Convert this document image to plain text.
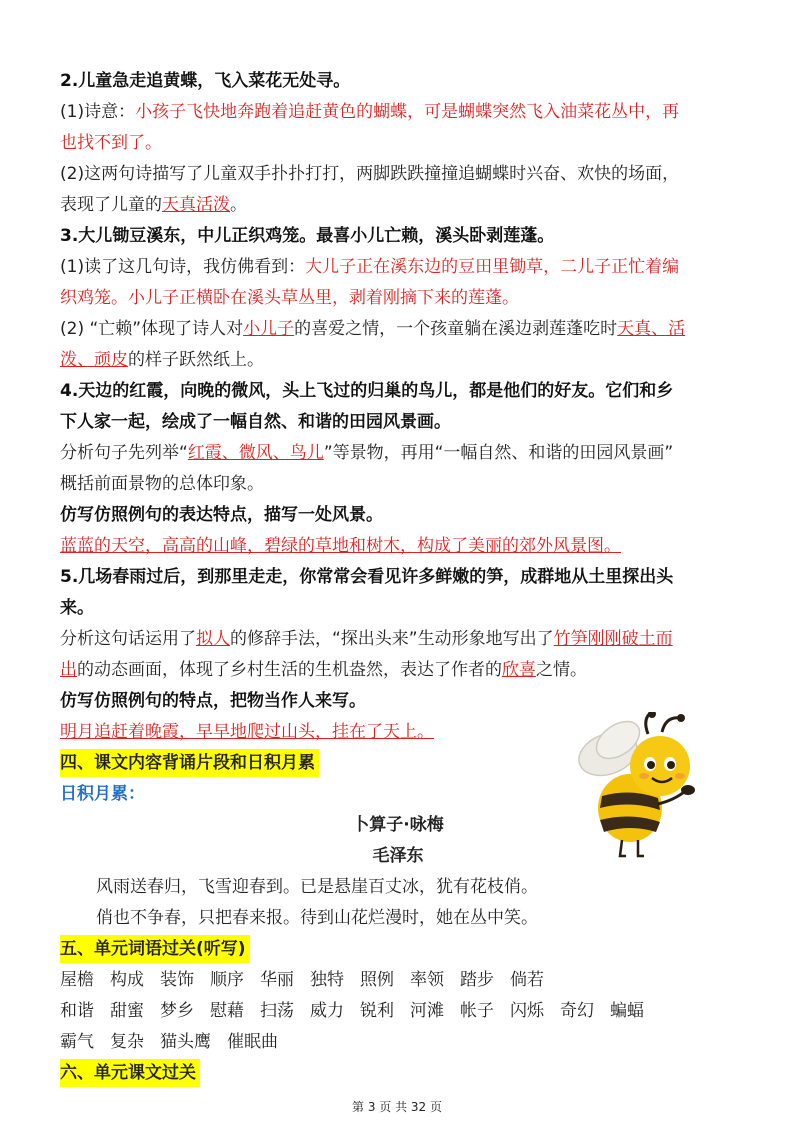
2.儿童急走追黄蝶，飞入菜花无处寻。
(1)诗意：小孩子飞快地奔跑着追赶黄色的蝴蝶，可是蝴蝶突然飞入油菜花丛中，再
也找不到了。
(2)这两句诗描写了儿童双手扑扑打打，两脚跌跌撞撞追蝴蝶时兴奋、欢快的场面，
表现了儿童的天真活泼。
3.大儿锄豆溪东，中儿正织鸡笼。最喜小儿亡赖，溪头卧剥莲蓬。
(1)读了这几句诗，我仿佛看到：大儿子正在溪东边的豆田里锄草，二儿子正忙着编
织鸡笼。小儿子正横卧在溪头草丛里，剥着刚摘下来的莲蓬。
(2) “亡赖”体现了诗人对小儿子的喜爱之情，一个孩童躺在溪边剥莲蓬吃时天真、活
泼、顽皮的样子跃然纸上。
4.天边的红霞，向晚的微风，头上飞过的归巢的鸟儿，都是他们的好友。它们和乡
下人家一起，绘成了一幅自然、和谐的田园风景画。
分析句子先列举“红霞、微风、鸟儿”等景物，再用“一幅自然、和谐的田园风景画”
概括前面景物的总体印象。
仿写仿照例句的表达特点，描写一处风景。
蓝蓝的天空，高高的山峰，碧绿的草地和树木，构成了美丽的郊外风景图。
5.几场春雨过后，到那里走走，你常常会看见许多鲜嫩的笋，成群地从土里探出头
来。
分析这句话运用了拟人的修辞手法，“探出头来”生动形象地写出了竹笋刚刚破土而
出的动态画面，体现了乡村生活的生机盎然，表达了作者的欣喜之情。
仿写仿照例句的特点，把物当作人来写。
明月追赶着晚霞，早早地爬过山头，挂在了天上。
四、课文内容背诵片段和日积月累
日积月累：
卜算子·咏梅
毛泽东
风雨送春归，飞雪迎春到。已是悬崖百丈冰，犹有花枝俏。
俏也不争春，只把春来报。待到山花烂漫时，她在丛中笑。
五、单元词语过关(听写)
屋檐 构成 装饰 顺序 华丽 独特 照例 率领 踏步 倘若
和谐 甜蜜 梦乡 慰藉 扫荡 威力 锐利 河滩 帐子 闪烁 奇幻 蝙蝠
霸气 复杂 猫头鹰 催眠曲
六、单元课文过关
第 3 页 共 32 页
